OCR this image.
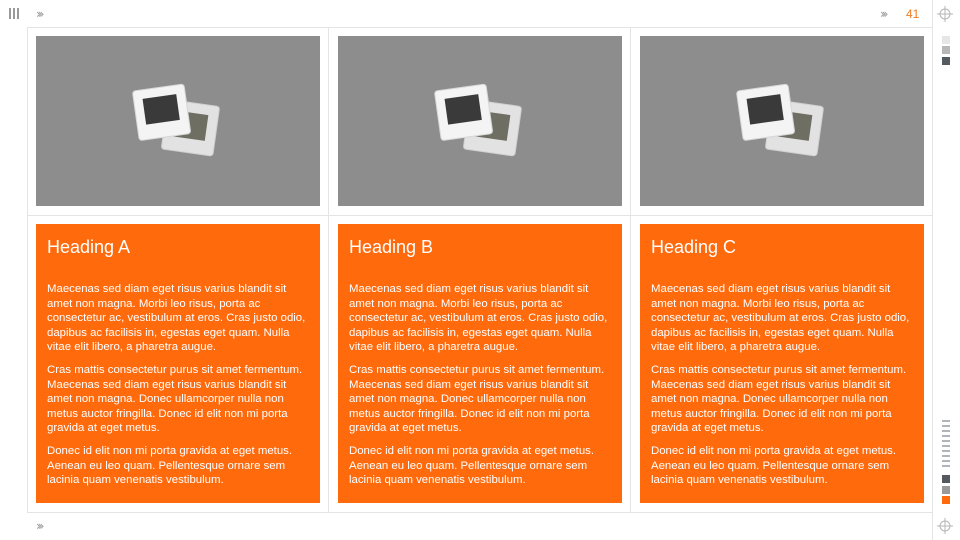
›››	››› 41
›››
Heading A

Maecenas sed diam eget risus varius blandit sit amet non magna. Morbi leo risus, porta ac consectetur ac, vestibulum at eros. Cras justo odio, dapibus ac facilisis in, egestas eget quam. Nulla vitae elit libero, a pharetra augue.

Cras mattis consectetur purus sit amet fermentum. Maecenas sed diam eget risus varius blandit sit amet non magna. Donec ullamcorper nulla non metus auctor fringilla. Donec id elit non mi porta gravida at eget metus.

Donec id elit non mi porta gravida at eget metus. Aenean eu leo quam. Pellentesque ornare sem lacinia quam venenatis vestibulum.

Heading B

Maecenas sed diam eget risus varius blandit sit amet non magna. Morbi leo risus, porta ac consectetur ac, vestibulum at eros. Cras justo odio, dapibus ac facilisis in, egestas eget quam. Nulla vitae elit libero, a pharetra augue.

Cras mattis consectetur purus sit amet fermentum. Maecenas sed diam eget risus varius blandit sit amet non magna. Donec ullamcorper nulla non metus auctor fringilla. Donec id elit non mi porta gravida at eget metus.

Donec id elit non mi porta gravida at eget metus. Aenean eu leo quam. Pellentesque ornare sem lacinia quam venenatis vestibulum.

Heading C

Maecenas sed diam eget risus varius blandit sit amet non magna. Morbi leo risus, porta ac consectetur ac, vestibulum at eros. Cras justo odio, dapibus ac facilisis in, egestas eget quam. Nulla vitae elit libero, a pharetra augue.

Cras mattis consectetur purus sit amet fermentum. Maecenas sed diam eget risus varius blandit sit amet non magna. Donec ullamcorper nulla non metus auctor fringilla. Donec id elit non mi porta gravida at eget metus.

Donec id elit non mi porta gravida at eget metus. Aenean eu leo quam. Pellentesque ornare sem lacinia quam venenatis vestibulum.
